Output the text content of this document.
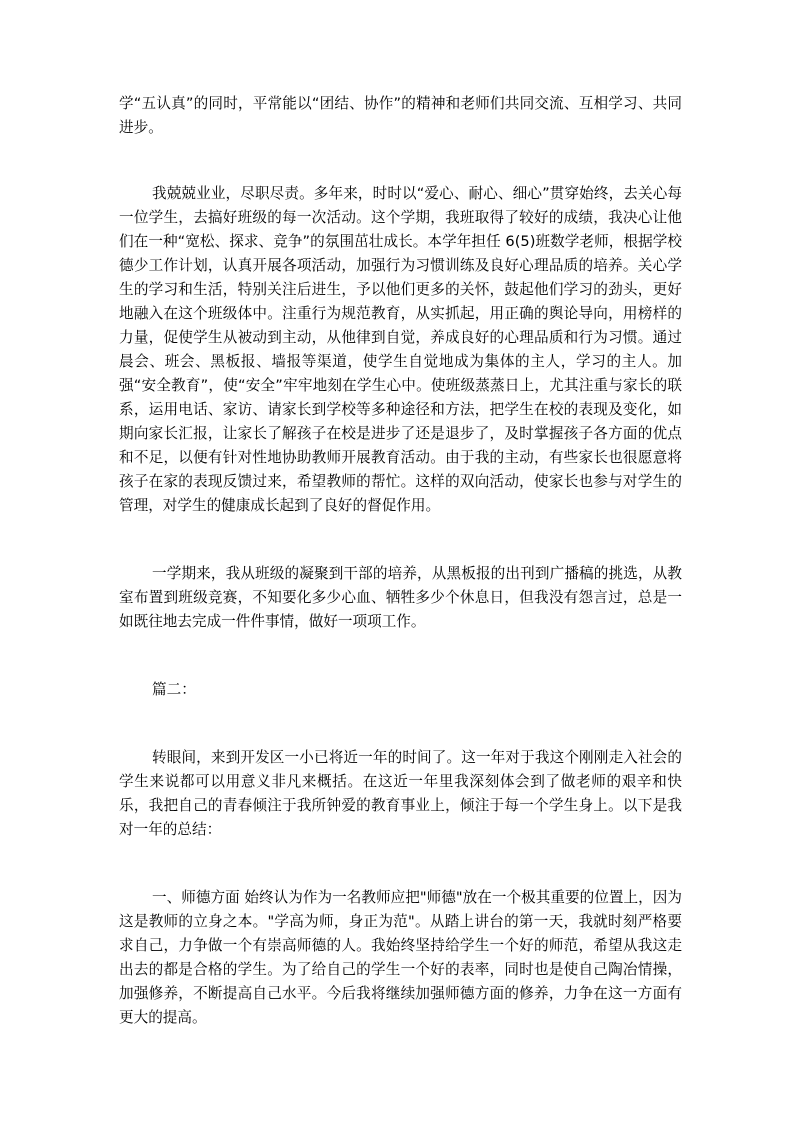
学“五认真”的同时，平常能以“团结、协作”的精神和老师们共同交流、互相学习、共同进步。

我兢兢业业，尽职尽责。多年来，时时以“爱心、耐心、细心”贯穿始终，去关心每一位学生，去搞好班级的每一次活动。这个学期，我班取得了较好的成绩，我决心让他们在一种“宽松、探求、竞争”的氛围茁壮成长。本学年担任 6(5)班数学老师，根据学校德少工作计划，认真开展各项活动，加强行为习惯训练及良好心理品质的培养。关心学生的学习和生活，特别关注后进生，予以他们更多的关怀，鼓起他们学习的劲头，更好地融入在这个班级体中。注重行为规范教育，从实抓起，用正确的舆论导向，用榜样的力量，促使学生从被动到主动，从他律到自觉，养成良好的心理品质和行为习惯。通过晨会、班会、黑板报、墙报等渠道，使学生自觉地成为集体的主人，学习的主人。加强“安全教育”，使“安全”牢牢地刻在学生心中。使班级蒸蒸日上，尤其注重与家长的联系，运用电话、家访、请家长到学校等多种途径和方法，把学生在校的表现及变化，如期向家长汇报，让家长了解孩子在校是进步了还是退步了，及时掌握孩子各方面的优点和不足，以便有针对性地协助教师开展教育活动。由于我的主动，有些家长也很愿意将孩子在家的表现反馈过来，希望教师的帮忙。这样的双向活动，使家长也参与对学生的管理，对学生的健康成长起到了良好的督促作用。

一学期来，我从班级的凝聚到干部的培养，从黑板报的出刊到广播稿的挑选，从教室布置到班级竞赛，不知要化多少心血、牺牲多少个休息日，但我没有怨言过，总是一如既往地去完成一件件事情，做好一项项工作。

篇二：

转眼间，来到开发区一小已将近一年的时间了。这一年对于我这个刚刚走入社会的学生来说都可以用意义非凡来概括。在这近一年里我深刻体会到了做老师的艰辛和快乐，我把自己的青春倾注于我所钟爱的教育事业上，倾注于每一个学生身上。以下是我对一年的总结：

一、师德方面 始终认为作为一名教师应把"师德"放在一个极其重要的位置上，因为这是教师的立身之本。"学高为师，身正为范"。从踏上讲台的第一天，我就时刻严格要求自己，力争做一个有崇高师德的人。我始终坚持给学生一个好的师范，希望从我这走出去的都是合格的学生。为了给自己的学生一个好的表率，同时也是使自己陶冶情操，加强修养，不断提高自己水平。今后我将继续加强师德方面的修养，力争在这一方面有更大的提高。
